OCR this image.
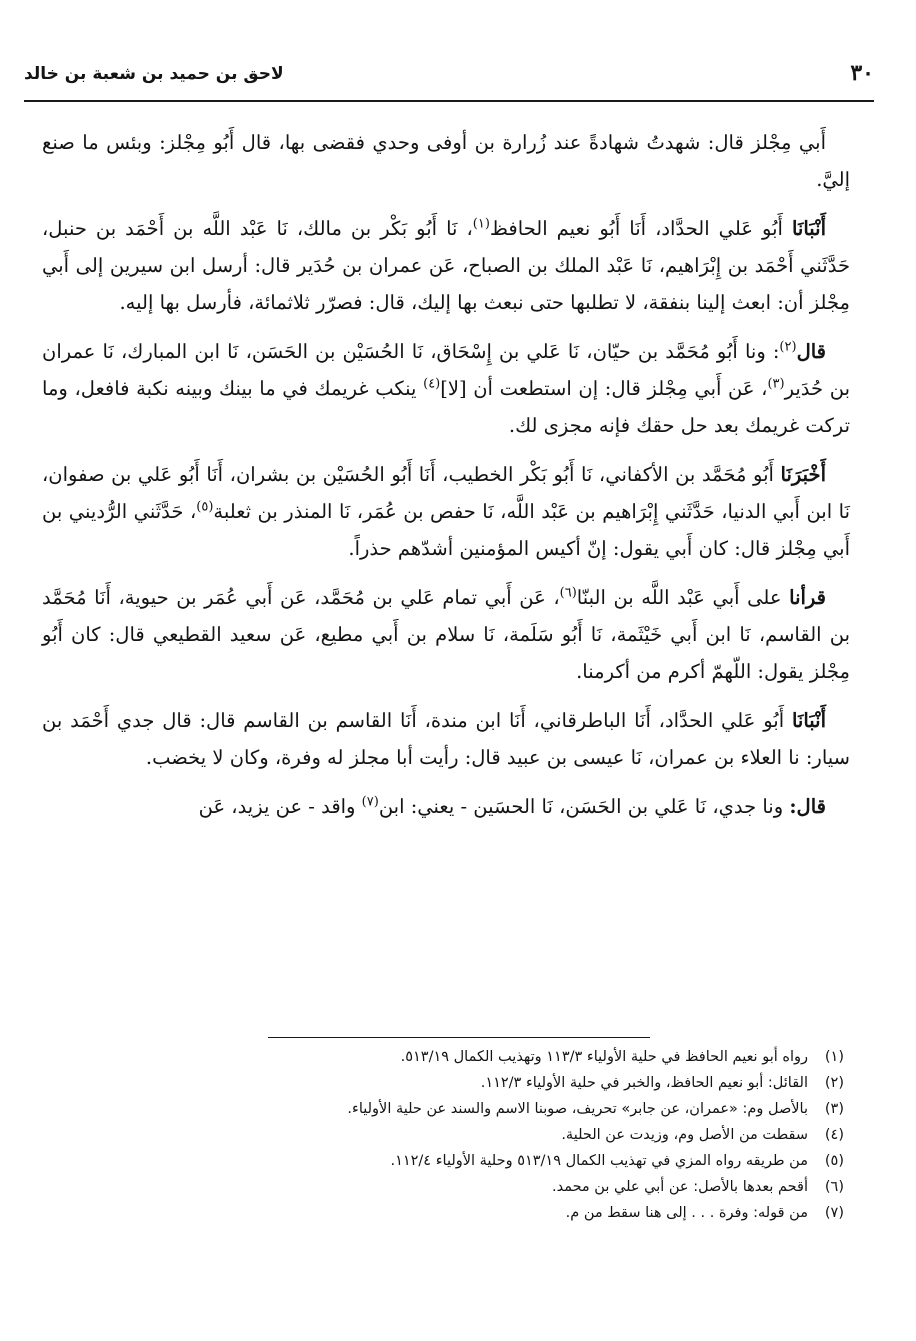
٣٠
لاحق بن حميد بن شعبة بن خالد

أَبي مِجْلز قال: شهدتُ شهادةً عند زُرارة بن أوفى وحدي فقضى بها، قال أَبُو مِجْلز: وبئس ما صنع إليَّ.

أَنْبَانَا أَبُو عَلي الحدَّاد، أَنَا أَبُو نعيم الحافظ$^{(١)}$، نَا أَبُو بَكْر بن مالك، نَا عَبْد اللَّه بن أَحْمَد بن حنبل، حَدَّثَني أَحْمَد بن إِبْرَاهيم، نَا عَبْد الملك بن الصباح، عَن عمران بن حُدَير قال: أرسل ابن سيرين إلى أَبي مِجْلز أن: ابعث إلينا بنفقة، لا تطلبها حتى نبعث بها إليك، قال: فصرّر ثلاثمائة، فأرسل بها إليه.

قال$^{(٢)}$: ونا أَبُو مُحَمَّد بن حيّان، نَا عَلي بن إِسْحَاق، نَا الحُسَيْن بن الحَسَن، نَا ابن المبارك، نَا عمران بن حُدَير$^{(٣)}$، عَن أَبي مِجْلز قال: إن استطعت أن [لا]$^{(٤)}$ ينكب غريمك في ما بينك وبينه نكبة فافعل، وما تركت غريمك بعد حل حقك فإنه مجزى لك.

أَخْبَرَنَا أَبُو مُحَمَّد بن الأكفاني، نَا أَبُو بَكْر الخطيب، أَنَا أَبُو الحُسَيْن بن بشران، أَنَا أَبُو عَلي بن صفوان، نَا ابن أَبي الدنيا، حَدَّثَني إِبْرَاهيم بن عَبْد اللَّه، نَا حفص بن عُمَر، نَا المنذر بن ثعلبة$^{(٥)}$، حَدَّثَني الرُّديني بن أَبي مِجْلز قال: كان أَبي يقول: إنّ أكيس المؤمنين أشدّهم حذراً.

قرأنا على أَبي عَبْد اللَّه بن البنّا$^{(٦)}$، عَن أَبي تمام عَلي بن مُحَمَّد، عَن أَبي عُمَر بن حيوية، أَنَا مُحَمَّد بن القاسم، نَا ابن أَبي خَيْثَمة، نَا أَبُو سَلَمة، نَا سلام بن أَبي مطيع، عَن سعيد القطيعي قال: كان أَبُو مِجْلز يقول: اللّهمّ أكرم من أكرمنا.

أَنْبَانَا أَبُو عَلي الحدَّاد، أَنَا الباطرقاني، أَنَا ابن مندة، أَنَا القاسم بن القاسم قال: قال جدي أَحْمَد بن سيار: نا العلاء بن عمران، نَا عيسى بن عبيد قال: رأيت أبا مجلز له وفرة، وكان لا يخضب.

قال: ونا جدي، نَا عَلي بن الحَسَن، نَا الحسَين - يعني: ابن$^{(٧)}$ واقد - عن يزيد، عَن

(١)رواه أبو نعيم الحافظ في حلية الأولياء ١١٣/٣ وتهذيب الكمال ٥١٣/١٩.
(٢)القائل: أبو نعيم الحافظ، والخبر في حلية الأولياء ١١٢/٣.
(٣)بالأصل وم: «عمران، عن جابر» تحريف، صوبنا الاسم والسند عن حلية الأولياء.
(٤)سقطت من الأصل وم، وزيدت عن الحلية.
(٥)من طريقه رواه المزي في تهذيب الكمال ٥١٣/١٩ وحلية الأولياء ١١٢/٤.
(٦)أقحم بعدها بالأصل: عن أبي علي بن محمد.
(٧)من قوله: وفرة . . . إلى هنا سقط من م.
